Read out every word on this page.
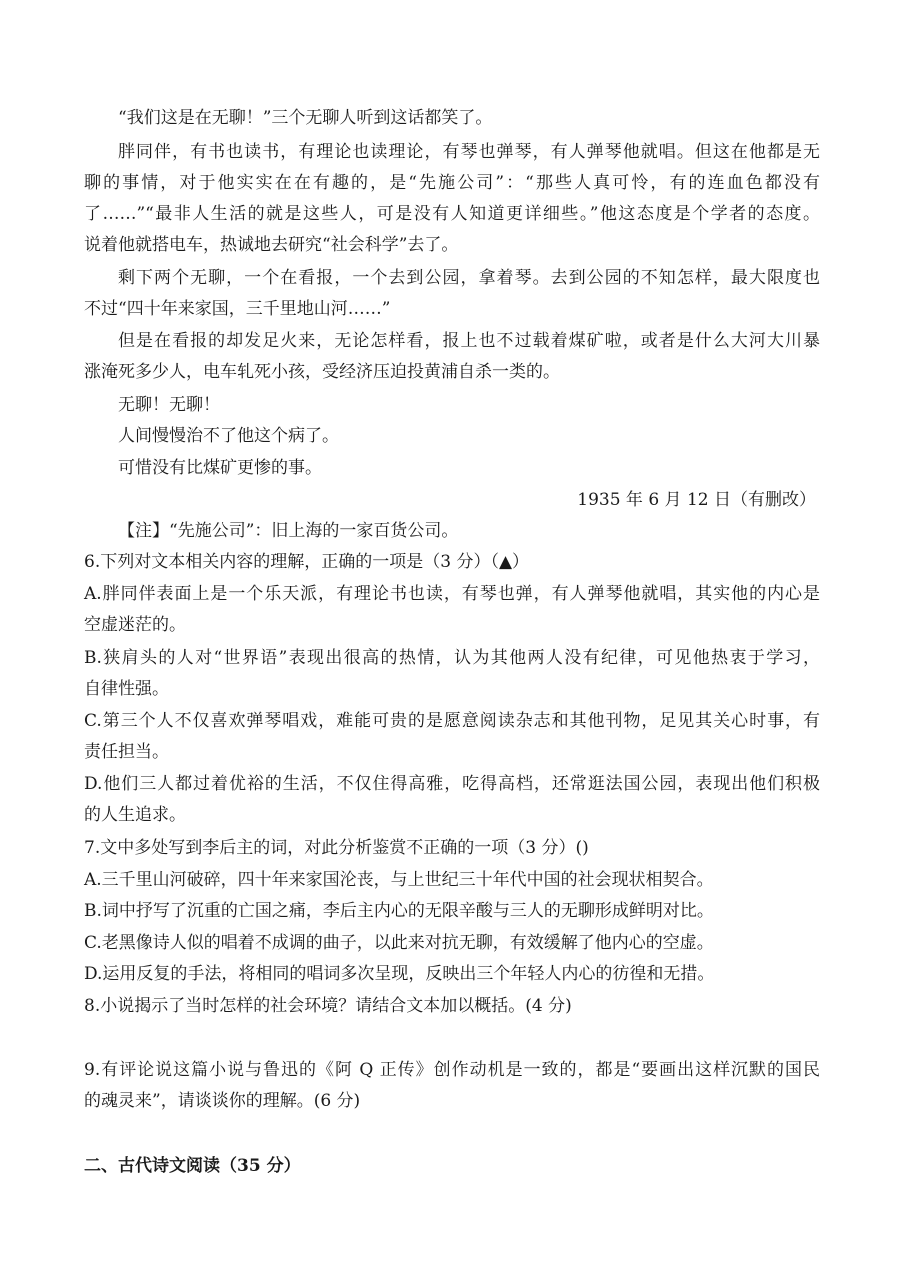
“我们这是在无聊！”三个无聊人听到这话都笑了。
胖同伴，有书也读书，有理论也读理论，有琴也弹琴，有人弹琴他就唱。但这在他都是无
聊的事情，对于他实实在在有趣的，是“先施公司”：“那些人真可怜，有的连血色都没有
了……”“最非人生活的就是这些人，可是没有人知道更详细些。”他这态度是个学者的态度。
说着他就搭电车，热诚地去研究“社会科学”去了。
剩下两个无聊，一个在看报，一个去到公园，拿着琴。去到公园的不知怎样，最大限度也
不过“四十年来家国，三千里地山河……”
但是在看报的却发足火来，无论怎样看，报上也不过载着煤矿啦，或者是什么大河大川暴
涨淹死多少人，电车轧死小孩，受经济压迫投黄浦自杀一类的。
无聊！无聊！
人间慢慢治不了他这个病了。
可惜没有比煤矿更惨的事。
1935 年 6 月 12 日（有删改）
【注】“先施公司”：旧上海的一家百货公司。
6.下列对文本相关内容的理解，正确的一项是（3 分）（▲）
A.胖同伴表面上是一个乐天派，有理论书也读，有琴也弹，有人弹琴他就唱，其实他的内心是
空虚迷茫的。
B.狭肩头的人对“世界语”表现出很高的热情，认为其他两人没有纪律，可见他热衷于学习，
自律性强。
C.第三个人不仅喜欢弹琴唱戏，难能可贵的是愿意阅读杂志和其他刊物，足见其关心时事，有
责任担当。
D.他们三人都过着优裕的生活，不仅住得高雅，吃得高档，还常逛法国公园，表现出他们积极
的人生追求。
7.文中多处写到李后主的词，对此分析鉴赏不正确的一项（3 分）()
A.三千里山河破碎，四十年来家国沦丧，与上世纪三十年代中国的社会现状相契合。
B.词中抒写了沉重的亡国之痛，李后主内心的无限辛酸与三人的无聊形成鲜明对比。
C.老黑像诗人似的唱着不成调的曲子，以此来对抗无聊，有效缓解了他内心的空虚。
D.运用反复的手法，将相同的唱词多次呈现，反映出三个年轻人内心的彷徨和无措。
8.小说揭示了当时怎样的社会环境？请结合文本加以概括。(4 分)
9.有评论说这篇小说与鲁迅的《阿 Q 正传》创作动机是一致的，都是“要画出这样沉默的国民
的魂灵来”，请谈谈你的理解。(6 分)
二、古代诗文阅读（35 分）
